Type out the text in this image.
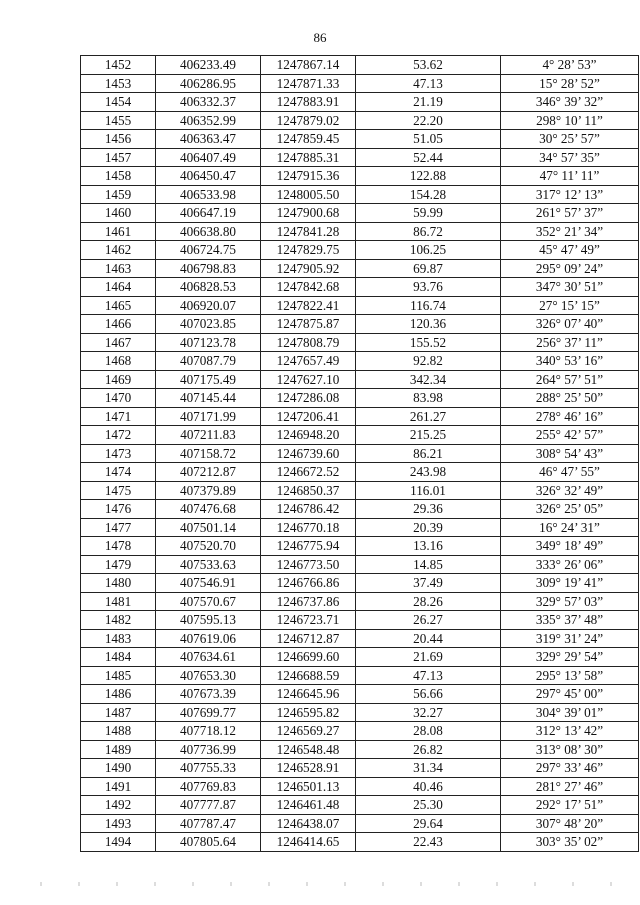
86
1452	406233.49	1247867.14	53.62	4° 28’ 53”
1453	406286.95	1247871.33	47.13	15° 28’ 52”
1454	406332.37	1247883.91	21.19	346° 39’ 32”
1455	406352.99	1247879.02	22.20	298° 10’ 11”
1456	406363.47	1247859.45	51.05	30° 25’ 57”
1457	406407.49	1247885.31	52.44	34° 57’ 35”
1458	406450.47	1247915.36	122.88	47° 11’ 11”
1459	406533.98	1248005.50	154.28	317° 12’ 13”
1460	406647.19	1247900.68	59.99	261° 57’ 37”
1461	406638.80	1247841.28	86.72	352° 21’ 34”
1462	406724.75	1247829.75	106.25	45° 47’ 49”
1463	406798.83	1247905.92	69.87	295° 09’ 24”
1464	406828.53	1247842.68	93.76	347° 30’ 51”
1465	406920.07	1247822.41	116.74	27° 15’ 15”
1466	407023.85	1247875.87	120.36	326° 07’ 40”
1467	407123.78	1247808.79	155.52	256° 37’ 11”
1468	407087.79	1247657.49	92.82	340° 53’ 16”
1469	407175.49	1247627.10	342.34	264° 57’ 51”
1470	407145.44	1247286.08	83.98	288° 25’ 50”
1471	407171.99	1247206.41	261.27	278° 46’ 16”
1472	407211.83	1246948.20	215.25	255° 42’ 57”
1473	407158.72	1246739.60	86.21	308° 54’ 43”
1474	407212.87	1246672.52	243.98	46° 47’ 55”
1475	407379.89	1246850.37	116.01	326° 32’ 49”
1476	407476.68	1246786.42	29.36	326° 25’ 05”
1477	407501.14	1246770.18	20.39	16° 24’ 31”
1478	407520.70	1246775.94	13.16	349° 18’ 49”
1479	407533.63	1246773.50	14.85	333° 26’ 06”
1480	407546.91	1246766.86	37.49	309° 19’ 41”
1481	407570.67	1246737.86	28.26	329° 57’ 03”
1482	407595.13	1246723.71	26.27	335° 37’ 48”
1483	407619.06	1246712.87	20.44	319° 31’ 24”
1484	407634.61	1246699.60	21.69	329° 29’ 54”
1485	407653.30	1246688.59	47.13	295° 13’ 58”
1486	407673.39	1246645.96	56.66	297° 45’ 00”
1487	407699.77	1246595.82	32.27	304° 39’ 01”
1488	407718.12	1246569.27	28.08	312° 13’ 42”
1489	407736.99	1246548.48	26.82	313° 08’ 30”
1490	407755.33	1246528.91	31.34	297° 33’ 46”
1491	407769.83	1246501.13	40.46	281° 27’ 46”
1492	407777.87	1246461.48	25.30	292° 17’ 51”
1493	407787.47	1246438.07	29.64	307° 48’ 20”
1494	407805.64	1246414.65	22.43	303° 35’ 02”
